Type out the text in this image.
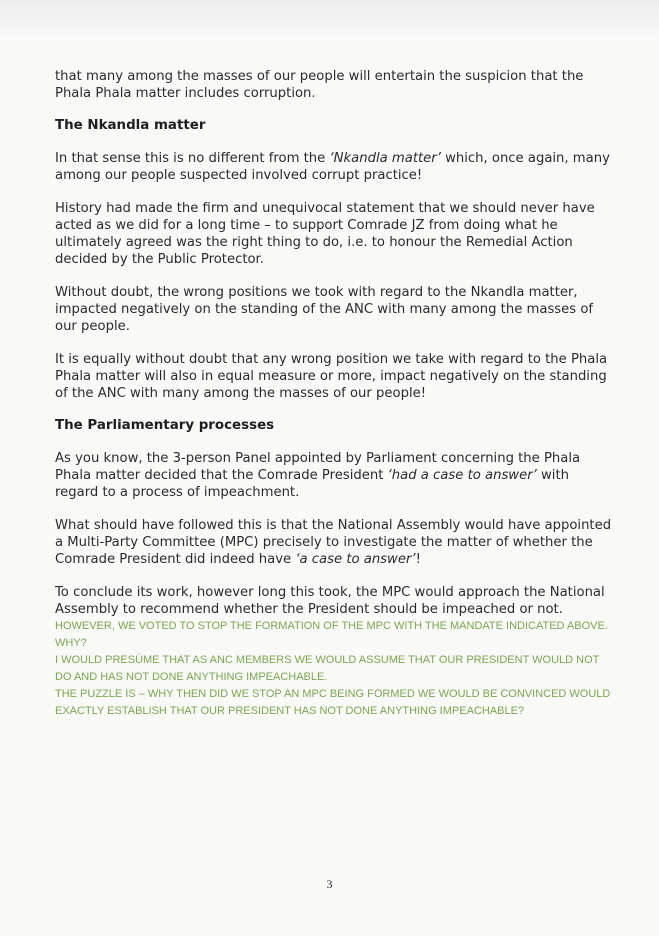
that many among the masses of our people will entertain the suspicion that the Phala Phala matter includes corruption.

The Nkandla matter

In that sense this is no different from the ‘Nkandla matter’ which, once again, many among our people suspected involved corrupt practice!

History had made the firm and unequivocal statement that we should never have acted as we did for a long time – to support Comrade JZ from doing what he ultimately agreed was the right thing to do, i.e. to honour the Remedial Action decided by the Public Protector.

Without doubt, the wrong positions we took with regard to the Nkandla matter, impacted negatively on the standing of the ANC with many among the masses of our people.

It is equally without doubt that any wrong position we take with regard to the Phala Phala matter will also in equal measure or more, impact negatively on the standing of the ANC with many among the masses of our people!

The Parliamentary processes

As you know, the 3-person Panel appointed by Parliament concerning the Phala Phala matter decided that the Comrade President ‘had a case to answer’ with regard to a process of impeachment.

What should have followed this is that the National Assembly would have appointed a Multi-Party Committee (MPC) precisely to investigate the matter of whether the Comrade President did indeed have ‘a case to answer’!

To conclude its work, however long this took, the MPC would approach the National Assembly to recommend whether the President should be impeached or not.

HOWEVER, WE VOTED TO STOP THE FORMATION OF THE MPC WITH THE MANDATE INDICATED ABOVE.

WHY?

I WOULD PRESÚME THAT AS ANC MEMBERS WE WOULD ASSUME THAT OUR PRESIDENT WOULD NOT DO AND HAS NOT DONE ANYTHING IMPEACHABLE.

THE PUZZLE IS – WHY THEN DID WE STOP AN MPC BEING FORMED WE WOULD BE CONVINCED WOULD EXACTLY ESTABLISH THAT OUR PRESIDENT HAS NOT DONE ANYTHING IMPEACHABLE?

3
